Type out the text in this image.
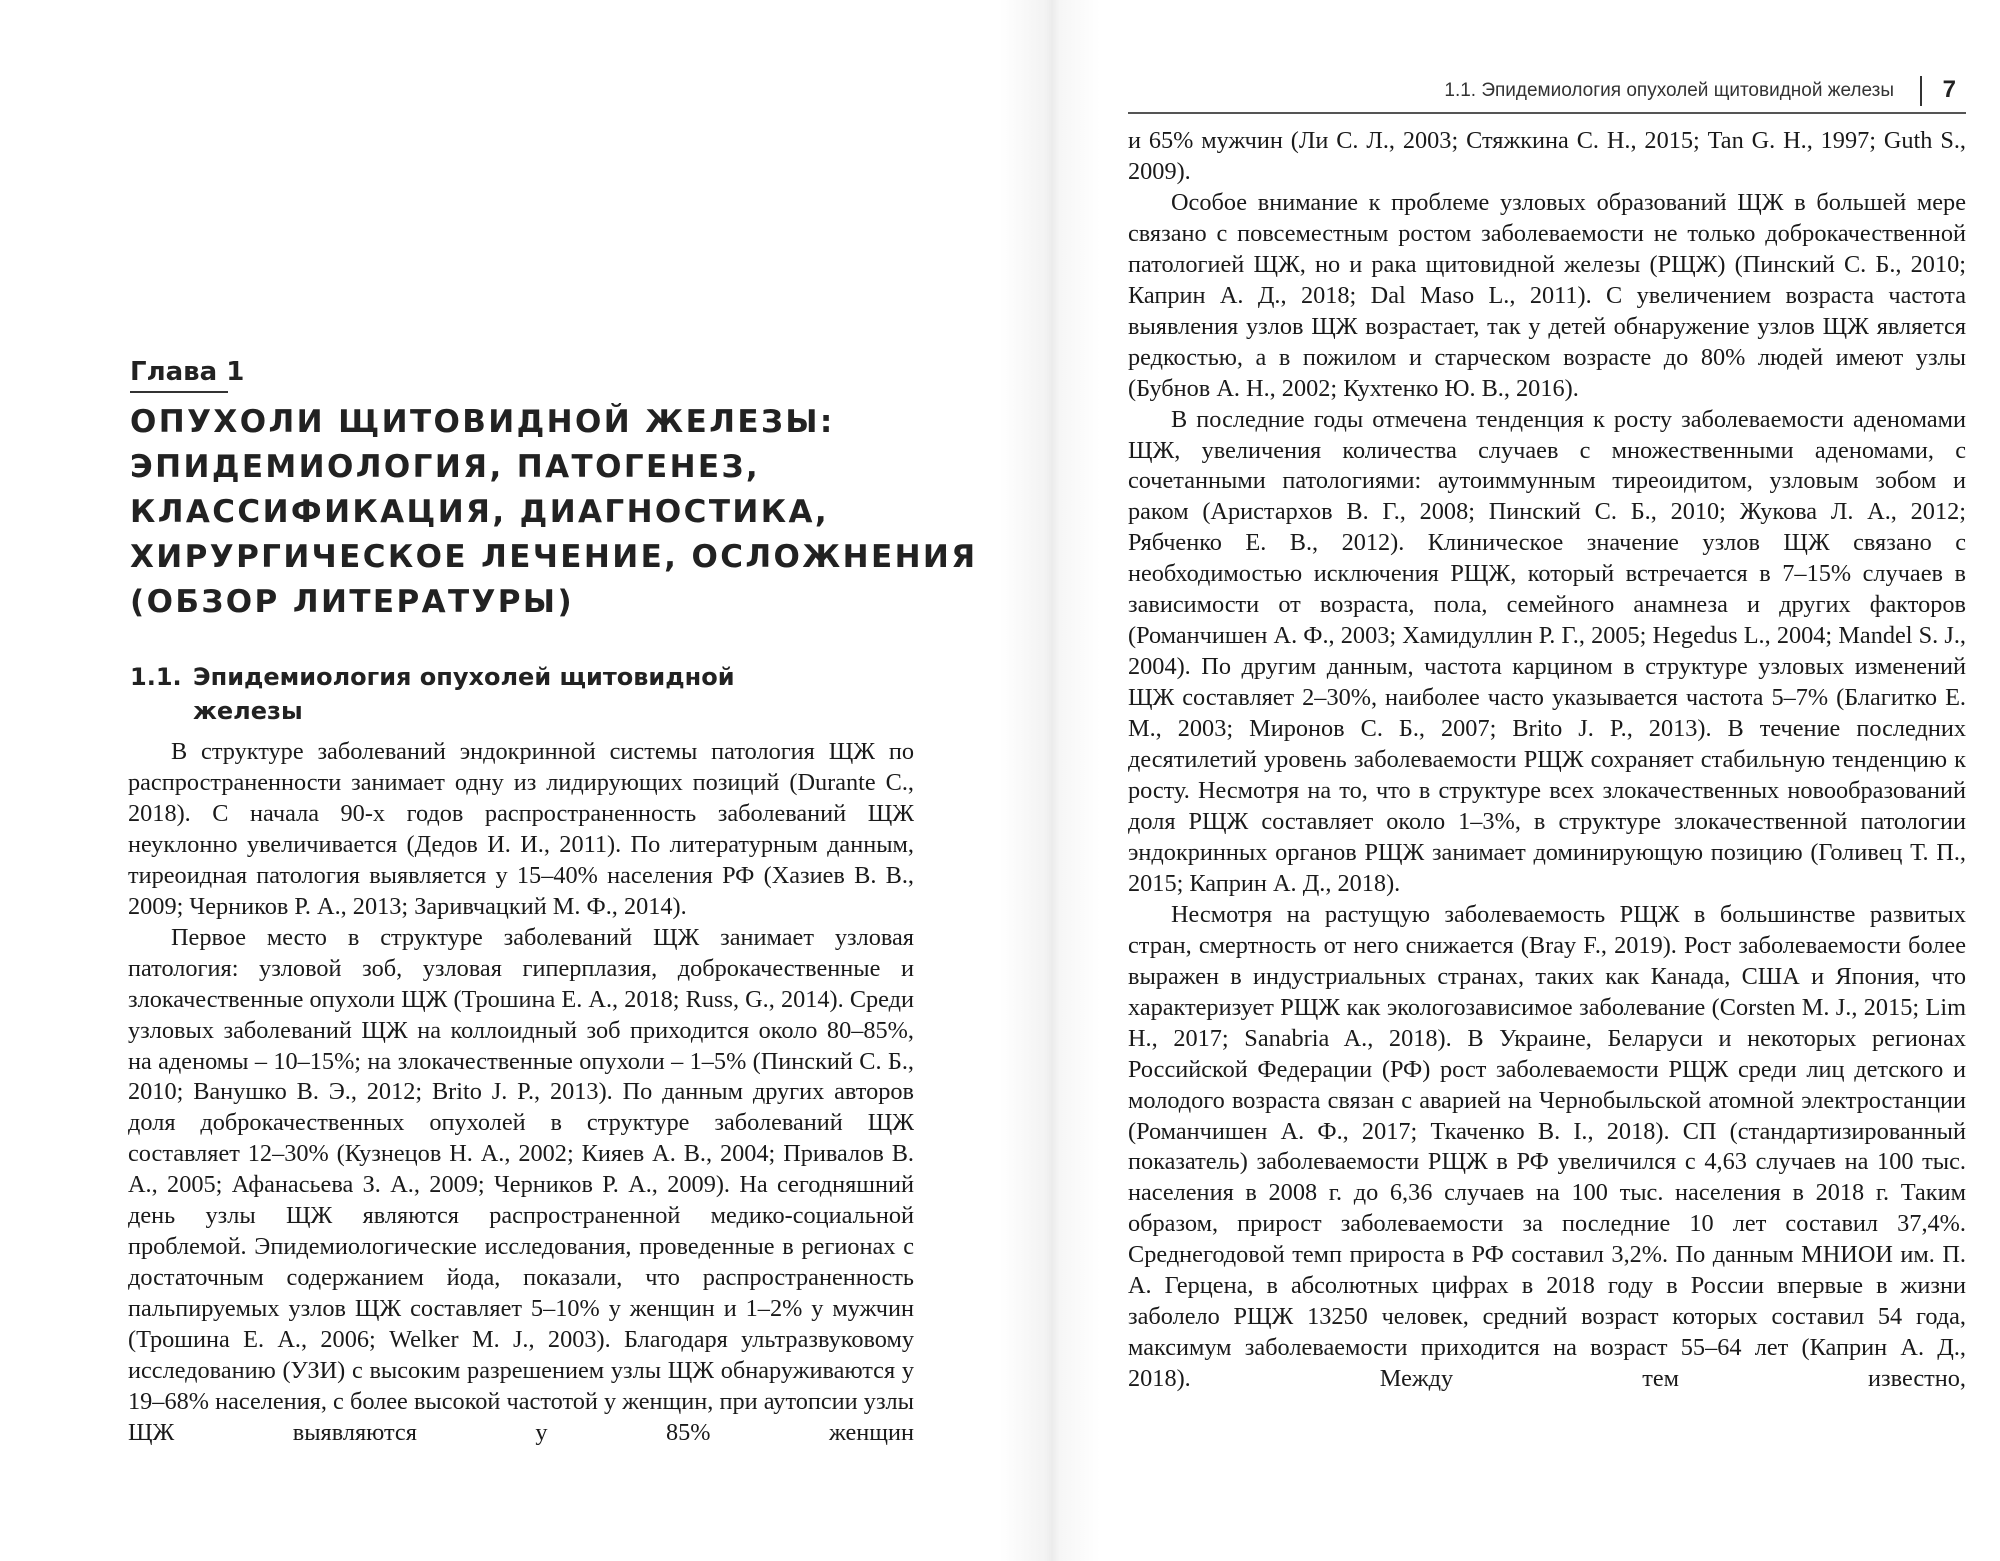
Глава 1
ОПУХОЛИ ЩИТОВИДНОЙ ЖЕЛЕЗЫ:
ЭПИДЕМИОЛОГИЯ, ПАТОГЕНЕЗ,
КЛАССИФИКАЦИЯ, ДИАГНОСТИКА,
ХИРУРГИЧЕСКОЕ ЛЕЧЕНИЕ, ОСЛОЖНЕНИЯ
(ОБЗОР ЛИТЕРАТУРЫ)
1.1. Эпидемиология опухолей щитовидной
железы

В структуре заболеваний эндокринной системы патология ЩЖ по распространенности занимает одну из лидирующих позиций (Durante C., 2018). С начала 90-х годов распространенность заболеваний ЩЖ неуклонно увеличивается (Дедов И. И., 2011). По литературным данным, тиреоидная патология выявляется у 15–40% населения РФ (Хазиев В. В., 2009; Черников Р. А., 2013; Заривчацкий М. Ф., 2014).

Первое место в структуре заболеваний ЩЖ занимает узловая патология: узловой зоб, узловая гиперплазия, доброкачественные и злокачественные опухоли ЩЖ (Трошина Е. А., 2018; Russ, G., 2014). Среди узловых заболеваний ЩЖ на коллоидный зоб приходится около 80–85%, на аденомы – 10–15%; на злокачественные опухоли – 1–5% (Пинский С. Б., 2010; Ванушко В. Э., 2012; Brito J. P., 2013). По данным других авторов доля доброкачественных опухолей в структуре заболеваний ЩЖ составляет 12–30% (Кузнецов Н. А., 2002; Кияев А. В., 2004; Привалов В. А., 2005; Афанасьева З. А., 2009; Черников Р. А., 2009). На сегодняшний день узлы ЩЖ являются распространенной медико-социальной проблемой. Эпидемиологические исследования, проведенные в регионах с достаточным содержанием йода, показали, что распространенность пальпируемых узлов ЩЖ составляет 5–10% у женщин и 1–2% у мужчин (Трошина Е. А., 2006; Welker M. J., 2003). Благодаря ультразвуковому исследованию (УЗИ) с высоким разрешением узлы ЩЖ обнаруживаются у 19–68% населения, с более высокой частотой у женщин, при аутопсии узлы ЩЖ выявляются у 85% женщин

1.1. Эпидемиология опухолей щитовидной железы 7

и 65% мужчин (Ли С. Л., 2003; Стяжкина С. Н., 2015; Tan G. H., 1997; Guth S., 2009).

Особое внимание к проблеме узловых образований ЩЖ в большей мере связано с повсеместным ростом заболеваемости не только доброкачественной патологией ЩЖ, но и рака щитовидной железы (РЩЖ) (Пинский С. Б., 2010; Каприн А. Д., 2018; Dal Maso L., 2011). С увеличением возраста частота выявления узлов ЩЖ возрастает, так у детей обнаружение узлов ЩЖ является редкостью, а в пожилом и старческом возрасте до 80% людей имеют узлы (Бубнов А. Н., 2002; Кухтенко Ю. В., 2016).

В последние годы отмечена тенденция к росту заболеваемости аденомами ЩЖ, увеличения количества случаев с множественными аденомами, с сочетанными патологиями: аутоиммунным тиреоидитом, узловым зобом и раком (Аристархов В. Г., 2008; Пинский С. Б., 2010; Жукова Л. А., 2012; Рябченко Е. В., 2012). Клиническое значение узлов ЩЖ связано с необходимостью исключения РЩЖ, который встречается в 7–15% случаев в зависимости от возраста, пола, семейного анамнеза и других факторов (Романчишен А. Ф., 2003; Хамидуллин Р. Г., 2005; Hegedus L., 2004; Mandel S. J., 2004). По другим данным, частота карцином в структуре узловых изменений ЩЖ составляет 2–30%, наиболее часто указывается частота 5–7% (Благитко Е. М., 2003; Миронов С. Б., 2007; Brito J. P., 2013). В течение последних десятилетий уровень заболеваемости РЩЖ сохраняет стабильную тенденцию к росту. Несмотря на то, что в структуре всех злокачественных новообразований доля РЩЖ составляет около 1–3%, в структуре злокачественной патологии эндокринных органов РЩЖ занимает доминирующую позицию (Голивец Т. П., 2015; Каприн А. Д., 2018).

Несмотря на растущую заболеваемость РЩЖ в большинстве развитых стран, смертность от него снижается (Bray F., 2019). Рост заболеваемости более выражен в индустриальных странах, таких как Канада, США и Япония, что характеризует РЩЖ как экологозависимое заболевание (Corsten M. J., 2015; Lim H., 2017; Sanabria A., 2018). В Украине, Беларуси и некоторых регионах Российской Федерации (РФ) рост заболеваемости РЩЖ среди лиц детского и молодого возраста связан с аварией на Чернобыльской атомной электростанции (Романчишен А. Ф., 2017; Ткаченко В. I., 2018). СП (стандартизированный показатель) заболеваемости РЩЖ в РФ увеличился с 4,63 случаев на 100 тыс. населения в 2008 г. до 6,36 случаев на 100 тыс. населения в 2018 г. Таким образом, прирост заболеваемости за последние 10 лет составил 37,4%. Среднегодовой темп прироста в РФ составил 3,2%. По данным МНИОИ им. П. А. Герцена, в абсолютных цифрах в 2018 году в России впервые в жизни заболело РЩЖ 13250 человек, средний возраст которых составил 54 года, максимум заболеваемости приходится на возраст 55–64 лет (Каприн А. Д., 2018). Между тем известно,
